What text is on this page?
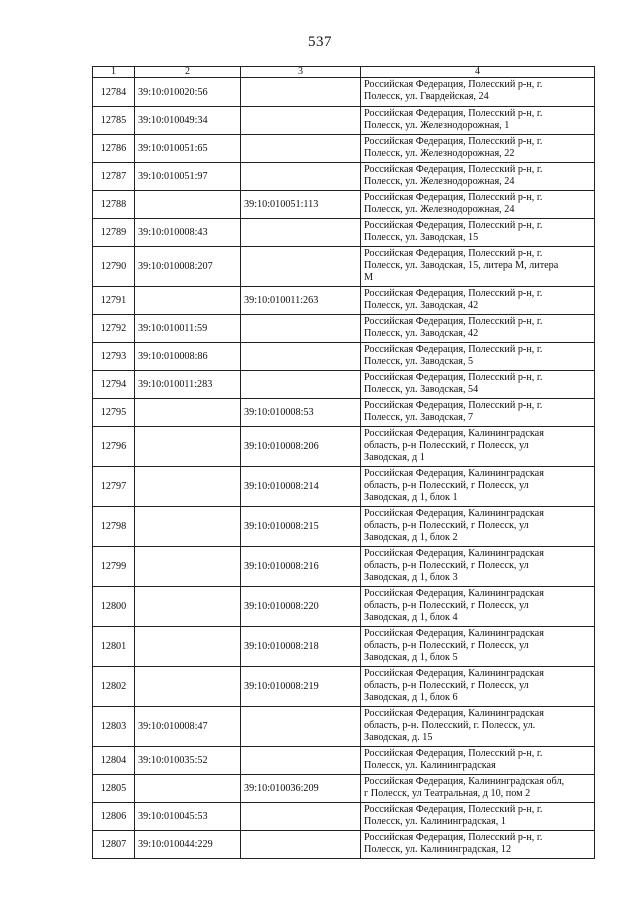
537
1	2	3	4
12784	39:10:010020:56		Российская Федерация, Полесский р-н, г.
Полесск, ул. Гвардейская, 24
12785	39:10:010049:34		Российская Федерация, Полесский р-н, г.
Полесск, ул. Железнодорожная, 1
12786	39:10:010051:65		Российская Федерация, Полесский р-н, г.
Полесск, ул. Железнодорожная, 22
12787	39:10:010051:97		Российская Федерация, Полесский р-н, г.
Полесск, ул. Железнодорожная, 24
12788		39:10:010051:113	Российская Федерация, Полесский р-н, г.
Полесск, ул. Железнодорожная, 24
12789	39:10:010008:43		Российская Федерация, Полесский р-н, г.
Полесск, ул. Заводская, 15
12790	39:10:010008:207		Российская Федерация, Полесский р-н, г.
Полесск, ул. Заводская, 15, литера М, литера
М
12791		39:10:010011:263	Российская Федерация, Полесский р-н, г.
Полесск, ул. Заводская, 42
12792	39:10:010011:59		Российская Федерация, Полесский р-н, г.
Полесск, ул. Заводская, 42
12793	39:10:010008:86		Российская Федерация, Полесский р-н, г.
Полесск, ул. Заводская, 5
12794	39:10:010011:283		Российская Федерация, Полесский р-н, г.
Полесск, ул. Заводская, 54
12795		39:10:010008:53	Российская Федерация, Полесский р-н, г.
Полесск, ул. Заводская, 7
12796		39:10:010008:206	Российская Федерация, Калининградская
область, р-н Полесский, г Полесск, ул
Заводская, д 1
12797		39:10:010008:214	Российская Федерация, Калининградская
область, р-н Полесский, г Полесск, ул
Заводская, д 1, блок 1
12798		39:10:010008:215	Российская Федерация, Калининградская
область, р-н Полесский, г Полесск, ул
Заводская, д 1, блок 2
12799		39:10:010008:216	Российская Федерация, Калининградская
область, р-н Полесский, г Полесск, ул
Заводская, д 1, блок 3
12800		39:10:010008:220	Российская Федерация, Калининградская
область, р-н Полесский, г Полесск, ул
Заводская, д 1, блок 4
12801		39:10:010008:218	Российская Федерация, Калининградская
область, р-н Полесский, г Полесск, ул
Заводская, д 1, блок 5
12802		39:10:010008:219	Российская Федерация, Калининградская
область, р-н Полесский, г Полесск, ул
Заводская, д 1, блок 6
12803	39:10:010008:47		Российская Федерация, Калининградская
область, р-н. Полесский, г. Полесск, ул.
Заводская, д. 15
12804	39:10:010035:52		Российская Федерация, Полесский р-н, г.
Полесск, ул. Калининградская
12805		39:10:010036:209	Российская Федерация, Калининградская обл,
г Полесск, ул Театральная, д 10, пом 2
12806	39:10:010045:53		Российская Федерация, Полесский р-н, г.
Полесск, ул. Калининградская, 1
12807	39:10:010044:229		Российская Федерация, Полесский р-н, г.
Полесск, ул. Калининградская, 12
